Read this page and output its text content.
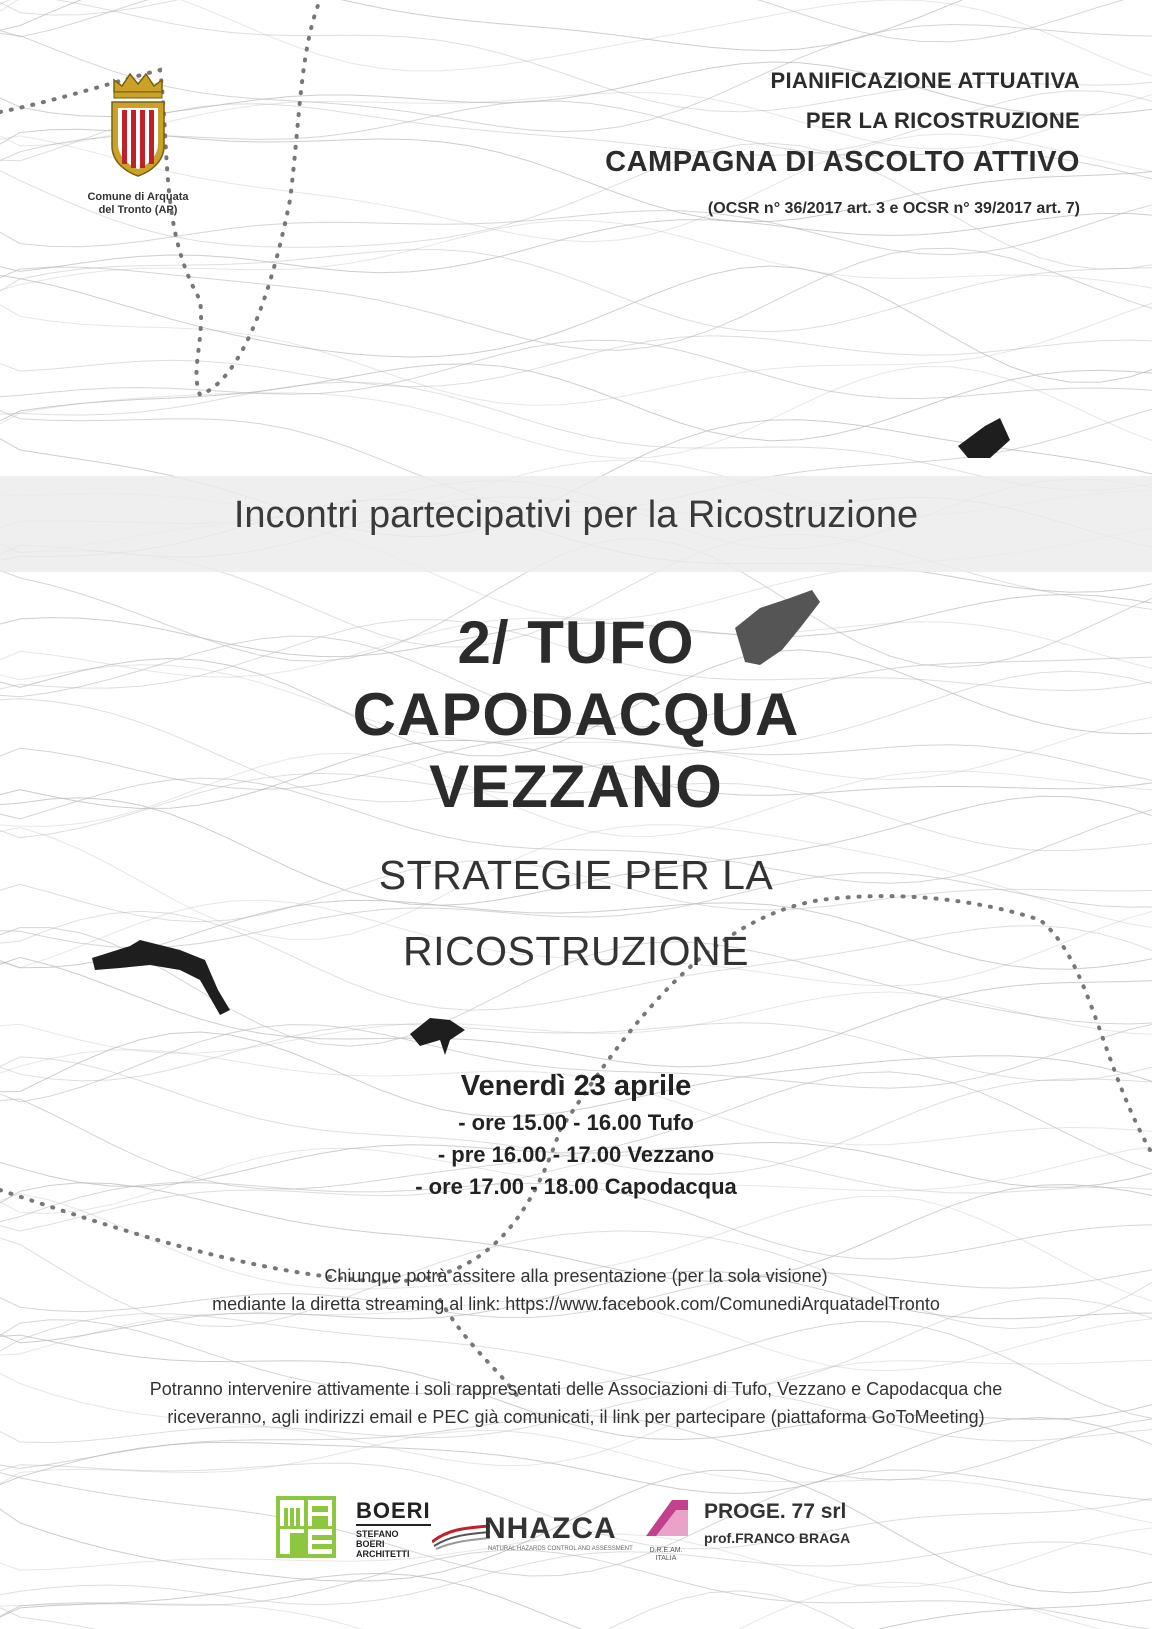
Comune di Arquata
del Tronto (AP)
PIANIFICAZIONE ATTUATIVA
PER LA RICOSTRUZIONE
CAMPAGNA DI ASCOLTO ATTIVO
(OCSR n° 36/2017 art. 3 e OCSR n° 39/2017 art. 7)
Incontri partecipativi per la Ricostruzione
2/ TUFO
CAPODACQUA
VEZZANO
STRATEGIE PER LA
RICOSTRUZIONE
Venerdì 23 aprile
- ore 15.00 - 16.00 Tufo
- pre 16.00 - 17.00 Vezzano
- ore 17.00 - 18.00 Capodacqua
Chiunque potrà assitere alla presentazione (per la sola visione)
mediante la diretta streaming al link: https://www.facebook.com/ComunediArquatadelTronto
Potranno intervenire attivamente i soli rappresentati delle Associazioni di Tufo, Vezzano e Capodacqua che
riceveranno, agli indirizzi email e PEC già comunicati, il link per partecipare (piattaforma GoToMeeting)
BOERI
STEFANO
BOERI
ARCHITETTI
NHAZCA
NATURAL HAZARDS CONTROL AND ASSESSMENT	D.R.E.AM.
ITALIA
PROGE. 77 srl
prof.FRANCO BRAGA
